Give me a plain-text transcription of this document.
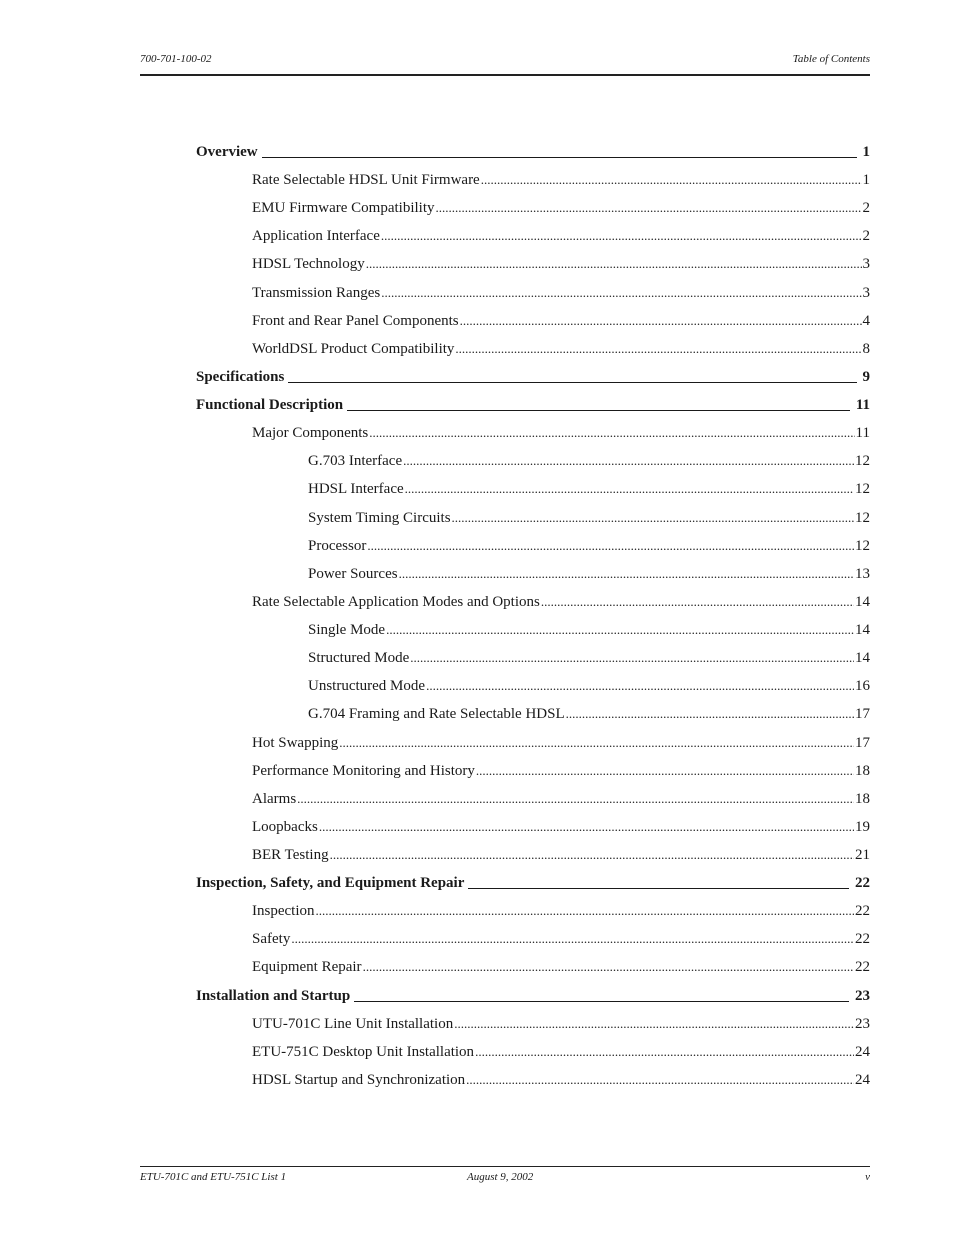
700-701-100-02	Table of Contents
Overview	1
Rate Selectable HDSL Unit Firmware .....	1
EMU Firmware Compatibility .....	2
Application Interface .....	2
HDSL Technology .....	3
Transmission Ranges .....	3
Front and Rear Panel Components .....	4
WorldDSL Product Compatibility .....	8
Specifications	9
Functional Description	11
Major Components .....	11
G.703 Interface .....	12
HDSL Interface .....	12
System Timing Circuits .....	12
Processor .....	12
Power Sources .....	13
Rate Selectable Application Modes and Options .....	14
Single Mode .....	14
Structured Mode .....	14
Unstructured Mode .....	16
G.704 Framing and Rate Selectable HDSL .....	17
Hot Swapping .....	17
Performance Monitoring and History .....	18
Alarms .....	18
Loopbacks .....	19
BER Testing .....	21
Inspection, Safety, and Equipment Repair	22
Inspection .....	22
Safety .....	22
Equipment Repair .....	22
Installation and Startup	23
UTU-701C Line Unit Installation .....	23
ETU-751C Desktop Unit Installation .....	24
HDSL Startup and Synchronization .....	24
ETU-701C and ETU-751C List 1	August 9, 2002	v
